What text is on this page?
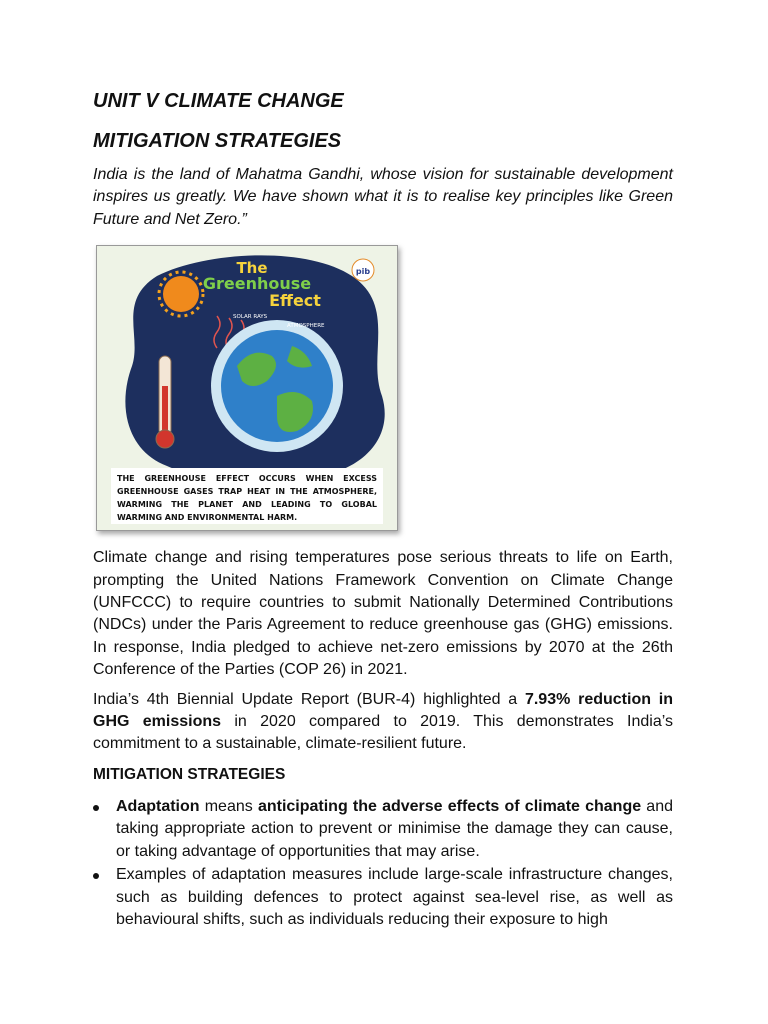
UNIT V CLIMATE CHANGE
MITIGATION STRATEGIES

India is the land of Mahatma Gandhi, whose vision for sustainable development inspires us greatly. We have shown what it is to realise key principles like Green Future and Net Zero.”

The
Greenhouse
Effect
pib
SOLAR RAYS
ATMOSPHERE
THE GREENHOUSE EFFECT OCCURS WHEN EXCESS GREENHOUSE GASES TRAP HEAT IN THE ATMOSPHERE, WARMING THE PLANET AND LEADING TO GLOBAL WARMING AND ENVIRONMENTAL HARM.

Climate change and rising temperatures pose serious threats to life on Earth, prompting the United Nations Framework Convention on Climate Change (UNFCCC) to require countries to submit Nationally Determined Contributions (NDCs) under the Paris Agreement to reduce greenhouse gas (GHG) emissions. In response, India pledged to achieve net-zero emissions by 2070 at the 26th Conference of the Parties (COP 26) in 2021.

India’s 4th Biennial Update Report (BUR-4) highlighted a 7.93% reduction in GHG emissions in 2020 compared to 2019. This demonstrates India’s commitment to a sustainable, climate-resilient future.

MITIGATION STRATEGIES
Adaptation means anticipating the adverse effects of climate change and taking appropriate action to prevent or minimise the damage they can cause, or taking advantage of opportunities that may arise.
Examples of adaptation measures include large-scale infrastructure changes, such as building defences to protect against sea-level rise, as well as behavioural shifts, such as individuals reducing their exposure to high
